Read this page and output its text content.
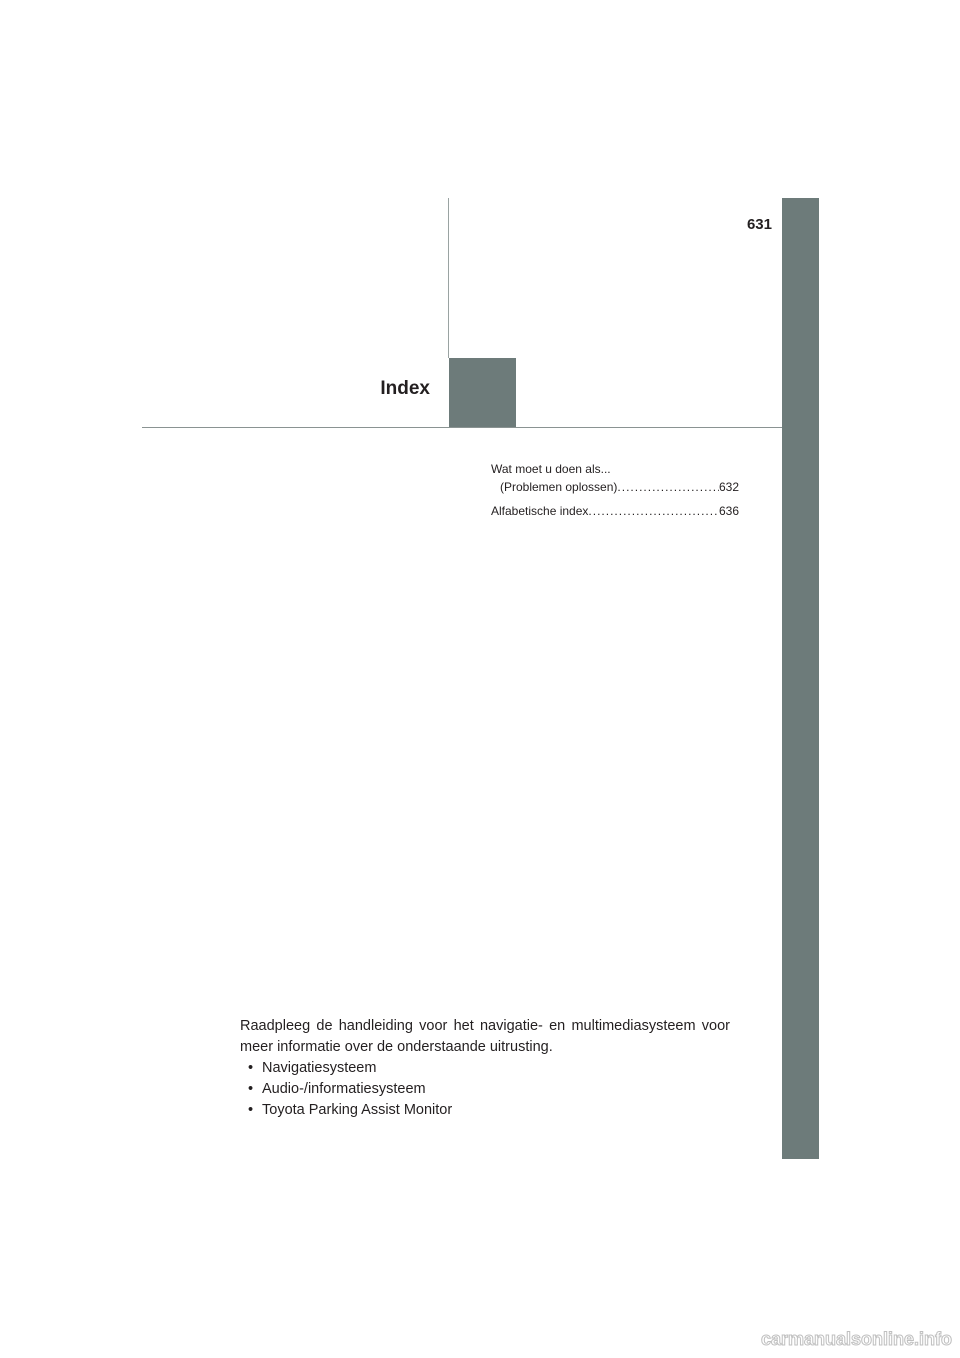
631
Index
Wat moet u doen als...
(Problemen oplossen) .....	632
Alfabetische index .....	636

Raadpleeg de handleiding voor het navigatie- en multimediasysteem voor meer informatie over de onderstaande uitrusting.

• Navigatiesysteem
• Audio-/informatiesysteem
• Toyota Parking Assist Monitor
carmanualsonline.info
